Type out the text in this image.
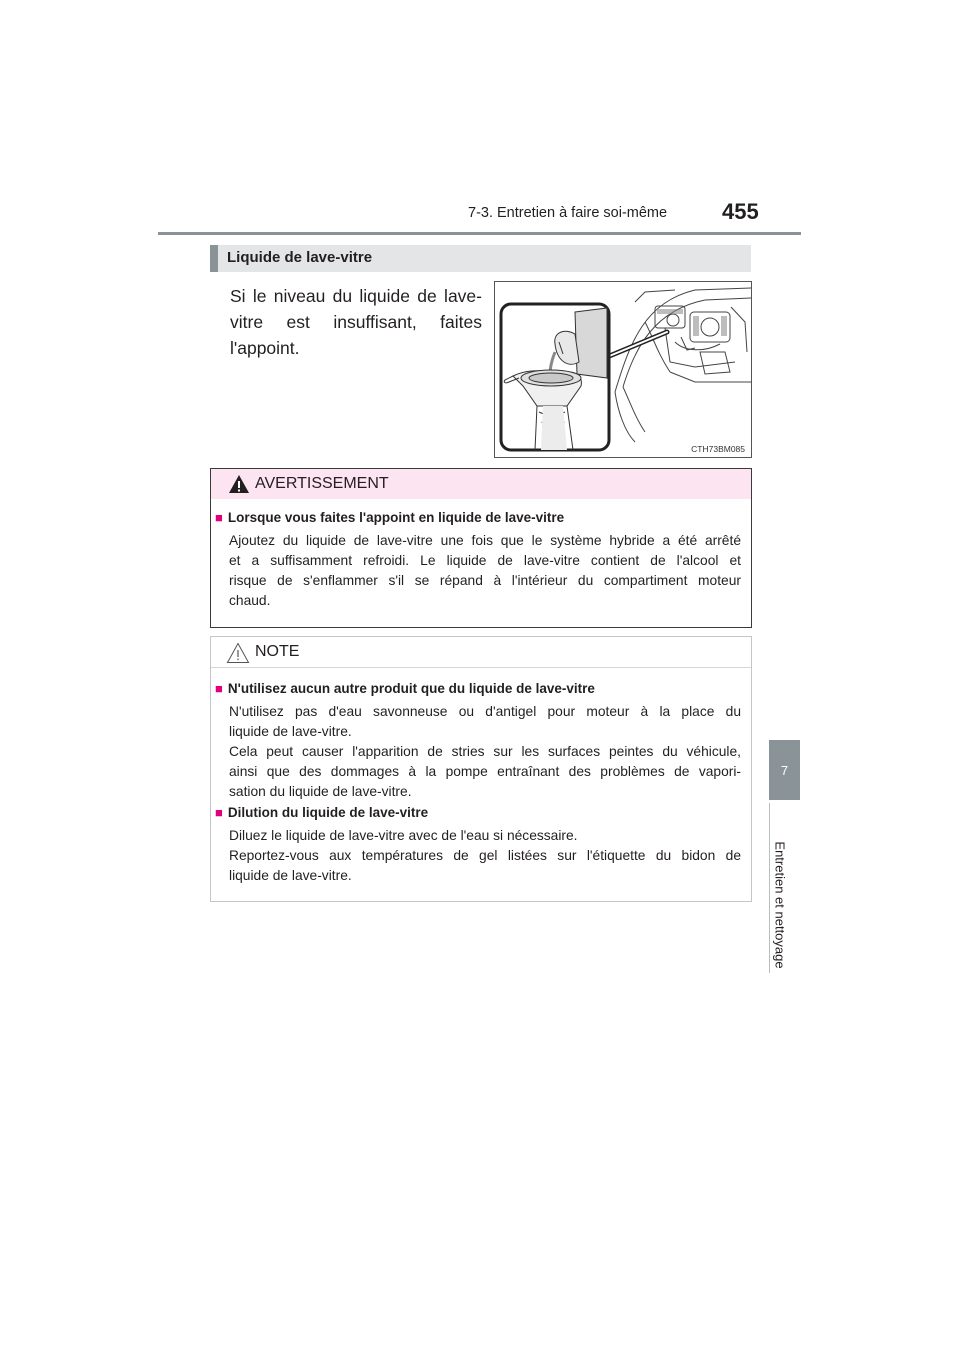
7-3. Entretien à faire soi-même 455
7
Entretien et nettoyage
Liquide de lave-vitre
Si le niveau du liquide de lave-
vitre est insuffisant, faites
l'appoint.
CTH73BM085
AVERTISSEMENT
■ Lorsque vous faites l'appoint en liquide de lave-vitre
Ajoutez du liquide de lave-vitre une fois que le système hybride a été arrêté
et a suffisamment refroidi. Le liquide de lave-vitre contient de l'alcool et
risque de s'enflammer s'il se répand à l'intérieur du compartiment moteur
chaud.
NOTE
■ N'utilisez aucun autre produit que du liquide de lave-vitre
N'utilisez pas d'eau savonneuse ou d'antigel pour moteur à la place du
liquide de lave-vitre.
Cela peut causer l'apparition de stries sur les surfaces peintes du véhicule,
ainsi que des dommages à la pompe entraînant des problèmes de vapori-
sation du liquide de lave-vitre.
■ Dilution du liquide de lave-vitre
Diluez le liquide de lave-vitre avec de l'eau si nécessaire.
Reportez-vous aux températures de gel listées sur l'étiquette du bidon de
liquide de lave-vitre.
